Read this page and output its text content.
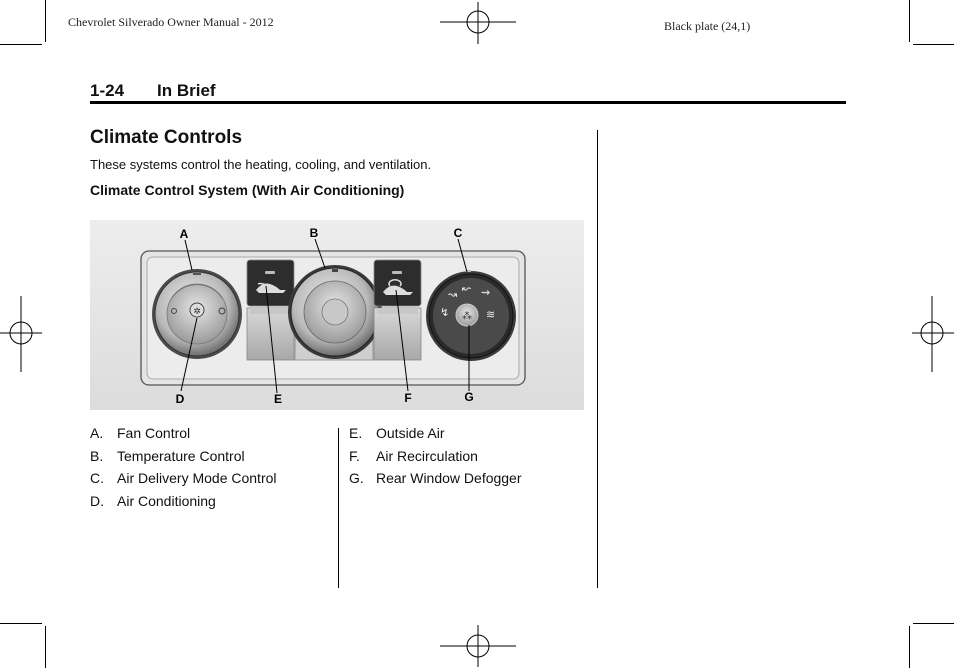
Chevrolet Silverado Owner Manual - 2012	Black plate (24,1)
1-24 In Brief
Climate Controls
These systems control the heating, cooling, and ventilation.
Climate Control System (With Air Conditioning)
✲
↝ ↜ ⇝
↯	≋
⁂
A	B	C
D	E	F	G
A. Fan Control
B. Temperature Control
C. Air Delivery Mode Control
D. Air Conditioning
E. Outside Air
F. Air Recirculation
G. Rear Window Defogger
